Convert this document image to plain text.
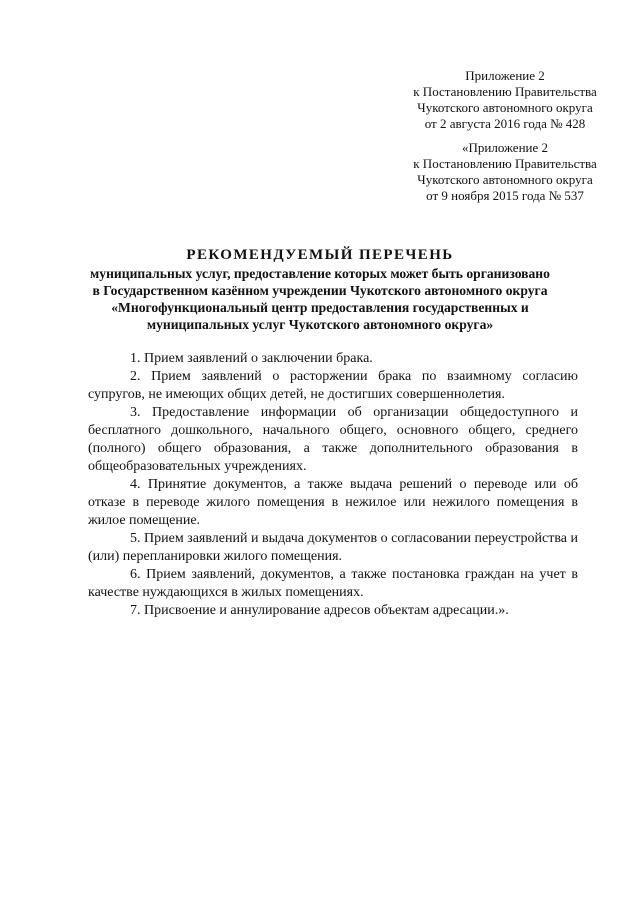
Приложение 2
к Постановлению Правительства
Чукотского автономного округа
от 2 августа 2016 года № 428
«Приложение 2
к Постановлению Правительства
Чукотского автономного округа
от 9 ноября 2015 года № 537
РЕКОМЕНДУЕМЫЙ ПЕРЕЧЕНЬ
муниципальных услуг, предоставление которых может быть организовано
в Государственном казённом учреждении Чукотского автономного округа
«Многофункциональный центр предоставления государственных и
муниципальных услуг Чукотского автономного округа»

1. Прием заявлений о заключении брака.

2. Прием заявлений о расторжении брака по взаимному согласию супругов, не имеющих общих детей, не достигших совершеннолетия.

3. Предоставление информации об организации общедоступного и бесплатного дошкольного, начального общего, основного общего, среднего (полного) общего образования, а также дополнительного образования в общеобразовательных учреждениях.

4. Принятие документов, а также выдача решений о переводе или об отказе в переводе жилого помещения в нежилое или нежилого помещения в жилое помещение.

5. Прием заявлений и выдача документов о согласовании переустройства и (или) перепланировки жилого помещения.

6. Прием заявлений, документов, а также постановка граждан на учет в качестве нуждающихся в жилых помещениях.

7. Присвоение и аннулирование адресов объектам адресации.».
